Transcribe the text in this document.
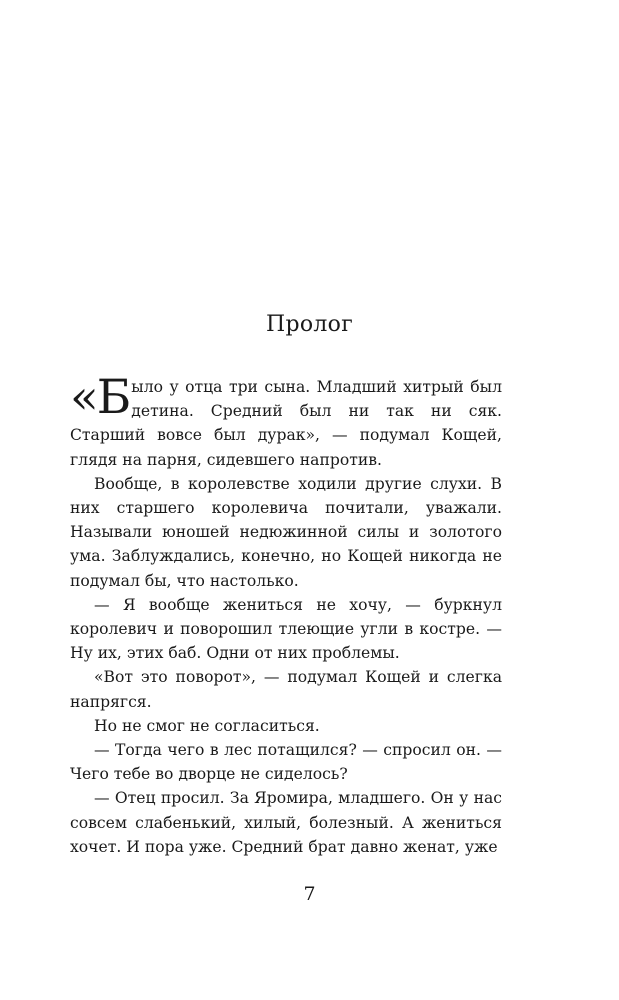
Пролог

«Было у отца три сына. Младший хитрый был детина. Средний был ни так ни сяк. Старший вовсе был дурак», — подумал Кощей, глядя на парня, сидевшего напротив.

Вообще, в королевстве ходили другие слухи. В них старшего королевича почитали, уважали. Называли юношей недюжинной силы и золотого ума. Заблуждались, конечно, но Кощей никогда не подумал бы, что настолько.

— Я вообще жениться не хочу, — буркнул королевич и поворошил тлеющие угли в костре. — Ну их, этих баб. Одни от них проблемы.

«Вот это поворот», — подумал Кощей и слегка напрягся.

Но не смог не согласиться.

— Тогда чего в лес потащился? — спросил он. — Чего тебе во дворце не сиделось?

— Отец просил. За Яромира, младшего. Он у нас совсем слабенький, хилый, болезный. А жениться хочет. И пора уже. Средний брат давно женат, уже

7
